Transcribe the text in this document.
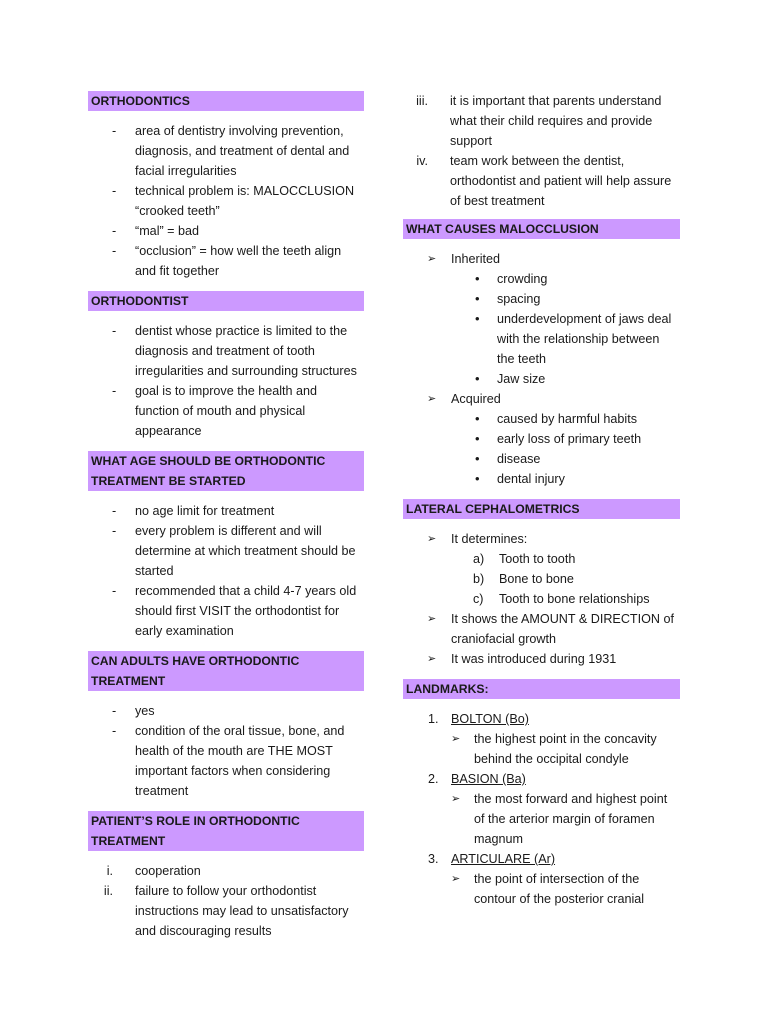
ORTHODONTICS
- area of dentistry involving prevention, diagnosis, and treatment of dental and facial irregularities
- technical problem is: MALOCCLUSION “crooked teeth”
- “mal” = bad
- “occlusion” = how well the teeth align and fit together
ORTHODONTIST
- dentist whose practice is limited to the diagnosis and treatment of tooth irregularities and surrounding structures
- goal is to improve the health and function of mouth and physical appearance
WHAT AGE SHOULD BE ORTHODONTIC TREATMENT BE STARTED
- no age limit for treatment
- every problem is different and will determine at which treatment should be started
- recommended that a child 4-7 years old should first VISIT the orthodontist for early examination
CAN ADULTS HAVE ORTHODONTIC TREATMENT
- yes
- condition of the oral tissue, bone, and health of the mouth are THE MOST important factors when considering treatment
PATIENT’S ROLE IN ORTHODONTIC TREATMENT
i. cooperation
ii. failure to follow your orthodontist instructions may lead to unsatisfactory and discouraging results
iii. it is important that parents understand what their child requires and provide support
iv. team work between the dentist, orthodontist and patient will help assure of best treatment
WHAT CAUSES MALOCCLUSION
➢ Inherited
• crowding
• spacing
• underdevelopment of jaws deal with the relationship between the teeth
• Jaw size
➢ Acquired
• caused by harmful habits
• early loss of primary teeth
• disease
• dental injury
LATERAL CEPHALOMETRICS
➢ It determines:
a) Tooth to tooth
b) Bone to bone
c) Tooth to bone relationships
➢ It shows the AMOUNT & DIRECTION of craniofacial growth
➢ It was introduced during 1931
LANDMARKS:
1. BOLTON (Bo)
➢ the highest point in the concavity behind the occipital condyle
2. BASION (Ba)
➢ the most forward and highest point of the arterior margin of foramen magnum
3. ARTICULARE (Ar)
➢ the point of intersection of the contour of the posterior cranial
